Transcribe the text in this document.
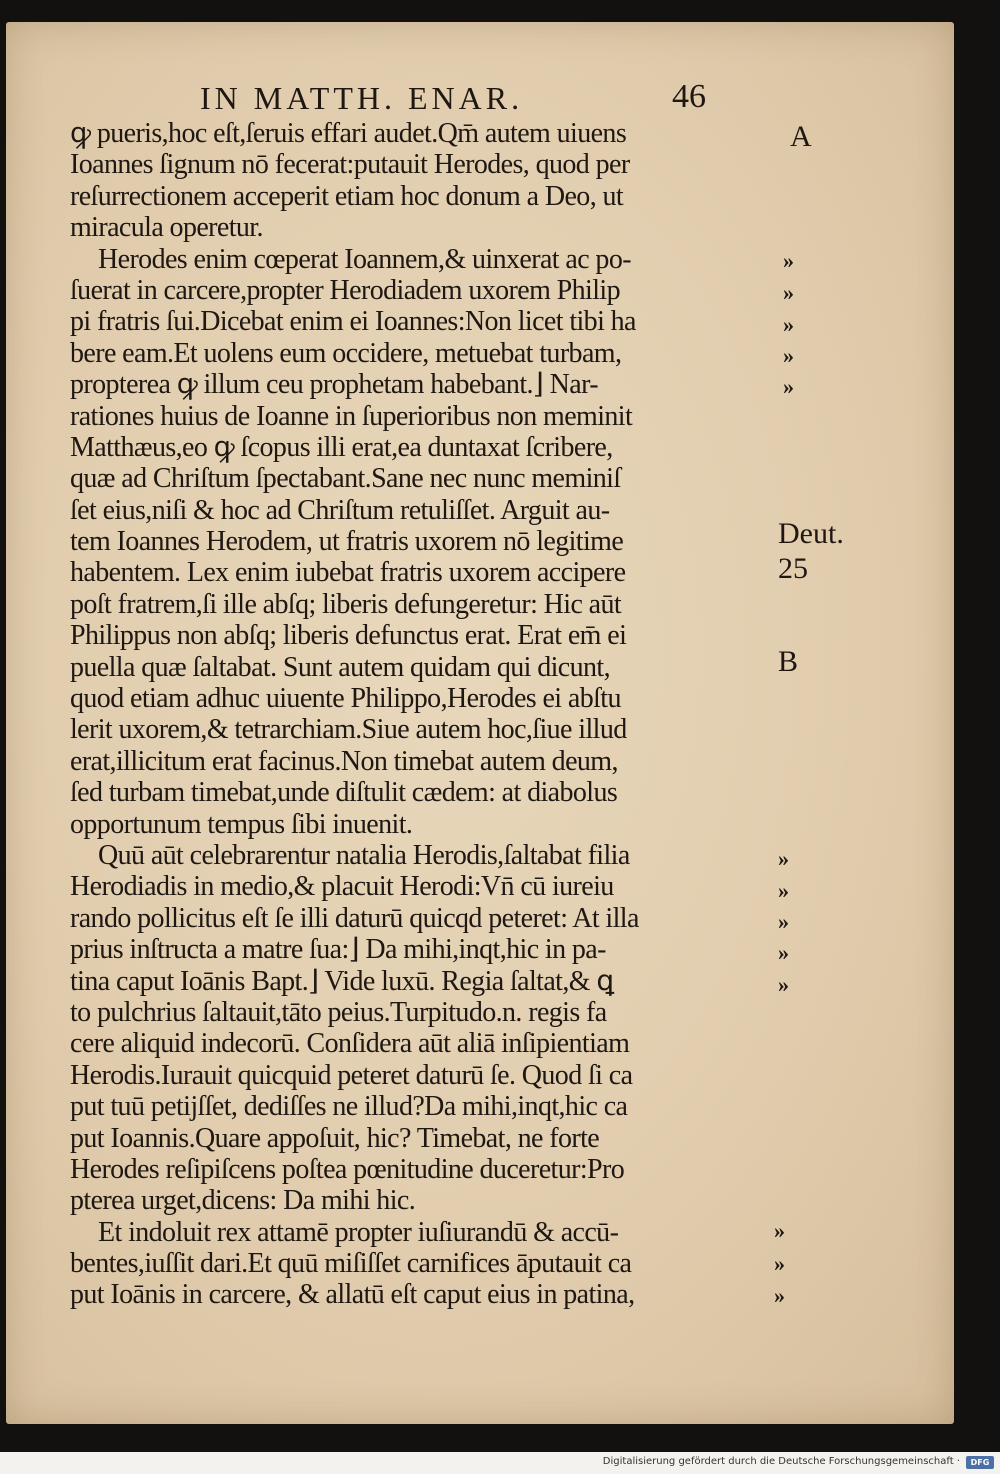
IN MATTH. ENAR.	46
ꝙ pueris,hoc eſt,ſeruis effari audet.Qm̄ autem uiuens
Ioannes ſignum nō fecerat:putauit Herodes, quod per
reſurrectionem acceperit etiam hoc donum a Deo, ut
miracula operetur.
Herodes enim cœperat Ioannem,& uinxerat ac po-
ſuerat in carcere,propter Herodiadem uxorem Philip
pi fratris ſui.Dicebat enim ei Ioannes:Non licet tibi ha
bere eam.Et uolens eum occidere, metuebat turbam,
propterea ꝙ illum ceu prophetam habebant.⌋ Nar-
rationes huius de Ioanne in ſuperioribus non meminit
Matthæus,eo ꝙ ſcopus illi erat,ea duntaxat ſcribere,
quæ ad Chriſtum ſpectabant.Sane nec nunc meminiſ
ſet eius,niſi & hoc ad Chriſtum retuliſſet. Arguit au-
tem Ioannes Herodem, ut fratris uxorem nō legitime
habentem. Lex enim iubebat fratris uxorem accipere
poſt fratrem,ſi ille abſq; liberis defungeretur: Hic aūt
Philippus non abſq; liberis defunctus erat. Erat em̄ ei
puella quæ ſaltabat. Sunt autem quidam qui dicunt,
quod etiam adhuc uiuente Philippo,Herodes ei abſtu
lerit uxorem,& tetrarchiam.Siue autem hoc,ſiue illud
erat,illicitum erat facinus.Non timebat autem deum,
ſed turbam timebat,unde diſtulit cædem: at diabolus
opportunum tempus ſibi inuenit.
Quū aūt celebrarentur natalia Herodis,ſaltabat filia
Herodiadis in medio,& placuit Herodi:Vn̄ cū iureiu
rando pollicitus eſt ſe illi daturū quicqd peteret: At illa
prius inſtructa a matre ſua:⌋ Da mihi,inqt,hic in pa-
tina caput Ioānis Bapt.⌋ Vide luxū. Regia ſaltat,& ꝗ
to pulchrius ſaltauit,tāto peius.Turpitudo.n. regis fa
cere aliquid indecorū. Conſidera aūt aliā inſipientiam
Herodis.Iurauit quicquid peteret daturū ſe. Quod ſi ca
put tuū petijſſet, dediſſes ne illud?Da mihi,inqt,hic ca
put Ioannis.Quare appoſuit, hic? Timebat, ne forte
Herodes reſipiſcens poſtea pœnitudine duceretur:Pro
pterea urget,dicens: Da mihi hic.
Et indoluit rex attamē propter iuſiurandū & accū-
bentes,iuſſit dari.Et quū miſiſſet carnifices āputauit ca
put Ioānis in carcere, & allatū eſt caput eius in patina,
A
Deut.
25
B
»
»
»
»
»
»
»
»
»
»
»
»
»
Digitalisierung gefördert durch die Deutsche Forschungsgemeinschaft ·	DFG
